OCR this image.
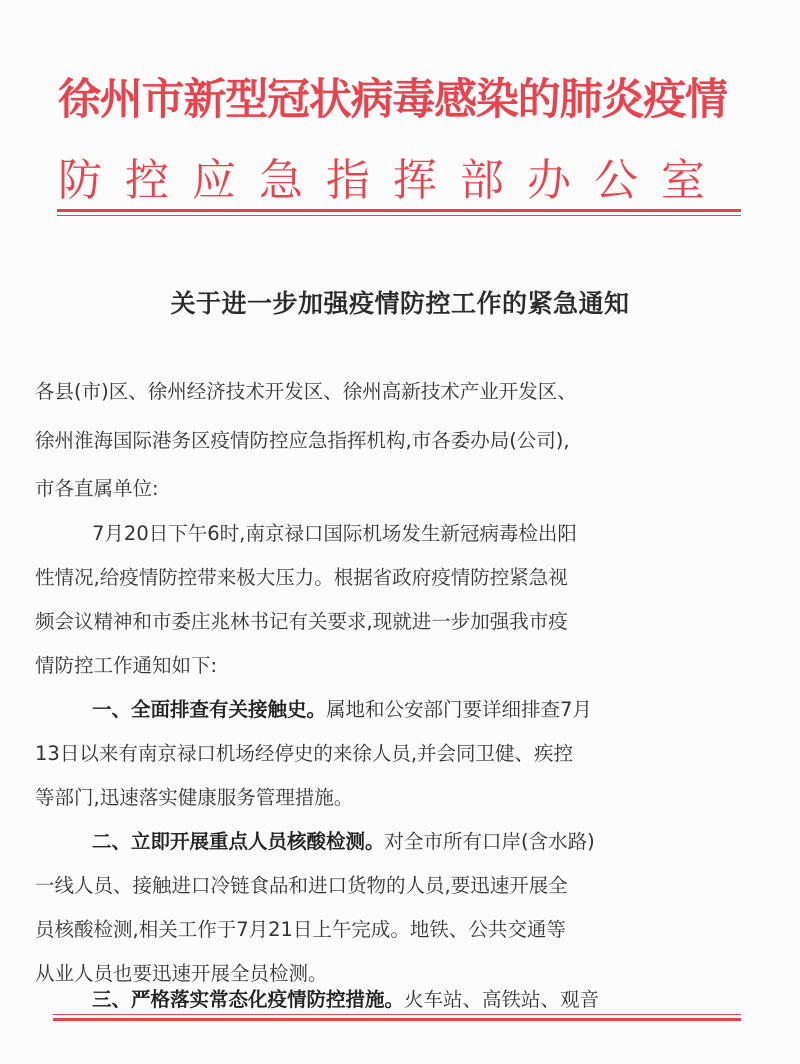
徐州市新型冠状病毒感染的肺炎疫情
防控应急指挥部办公室
关于进一步加强疫情防控工作的紧急通知
各县(市)区、徐州经济技术开发区、徐州高新技术产业开发区、
徐州淮海国际港务区疫情防控应急指挥机构,市各委办局(公司),
市各直属单位:
7月20日下午6时,南京禄口国际机场发生新冠病毒检出阳
性情况,给疫情防控带来极大压力。根据省政府疫情防控紧急视
频会议精神和市委庄兆林书记有关要求,现就进一步加强我市疫
情防控工作通知如下:
一、全面排查有关接触史。属地和公安部门要详细排查7月
13日以来有南京禄口机场经停史的来徐人员,并会同卫健、疾控
等部门,迅速落实健康服务管理措施。
二、立即开展重点人员核酸检测。对全市所有口岸(含水路)
一线人员、接触进口冷链食品和进口货物的人员,要迅速开展全
员核酸检测,相关工作于7月21日上午完成。地铁、公共交通等
从业人员也要迅速开展全员检测。
三、严格落实常态化疫情防控措施。火车站、高铁站、观音
